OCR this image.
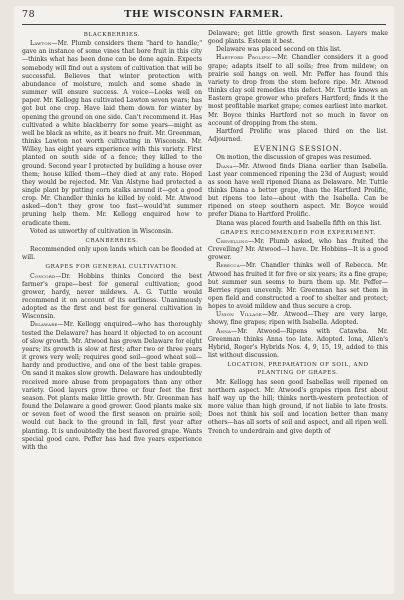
78	THE WISCONSIN FARMER.
BLACKBERRIES.

Lawton—Mr. Plumb considers them "hard to handle;" gave an instance of some vines that bore fruit in this city—thinks what has been done can be done again. Expects somebody will find out a system of cultivation that will be successful. Believes that winter protection with abundance of moisture, mulch and some shade in summer will ensure success. A voice—Looks well on paper. Mr. Kellogg has cultivated Lawton seven years; has got but one crop. Have laid them down for winter by opening the ground on one side. Can't recommend it. Has cultivated a white blackberry for some years—might as well be black as white, as it bears no fruit. Mr. Greenman, thinks Lawton not worth cultivating in Wisconsin. Mr. Willey, has eight years experience with this variety. First planted on south side of a fence; they killed to the ground. Second year I protected by building a house over them; house killed them—they died at any rate. Hoped they would be rejected. Mr. Van Alstyne had protected a single plant by putting corn stalks around it—got a good crop. Mr. Chandler thinks he killed by cold. Mr. Atwood asked—don't they grow too fast—would'nt summer pruning help them. Mr. Kellogg enquired how to eradicate them.

Voted as unworthy of cultivation in Wisconsin.

CRANBERRIES.

Recommended only upon lands which can be flooded at will.

GRAPES FOR GENERAL CULTIVATION.

Concord—Dr. Hobbins thinks Concord the best farmer's grape—best for general cultivation; good grower, hardy, never mildews. A. G. Tuttle would recommend it on account of its earliness. Unanimously adopted as the first and best for general cultivation in Wisconsin.

Delaware—Mr. Kellogg enquired—who has thoroughly tested the Delaware? has heard it objected to on account of slow growth. Mr. Atwood has grown Delaware for eight years; its growth is slow at first; after two or three years it grows very well; requires good soil—good wheat soil—hardy and productive, and one of the best table grapes. On sand it makes slow growth. Delaware has undoubtedly received more abuse from propagators than any other variety. Good layers grow three or four feet the first season. Pot plants make little growth. Mr. Greenman has found the Delaware a good grower. Good plants make six or seven feet of wood the first season on prairie soil; would cut back to the ground in fall, first year after planting. It is undoubtedly the best flavored grape. Wants special good care. Peffer has had five years experience with the

Delaware; get little growth first season. Layers make good plants. Esteem it best.

Delaware was placed second on this list.

Hartford Prolific—Mr. Chandler considers it a good grape; adapts itself to all soils; free from mildew; on prairie soil hangs on well. Mr. Peffer has found this variety to drop from the stem before ripe. Mr. Atwood thinks clay soil remedies this defect. Mr. Tuttle knows an Eastern grape grower who prefers Hartford; finds it the most profitable market grape; comes earliest into market. Mr. Boyce thinks Hartford not so much in favor on account of dropping from the stem.

Hartford Prolific was placed third on the list. Adjourned.

EVENING SESSION.

On motion, the discussion of grapes was resumed.

Diana—Mr. Atwood finds Diana earlier than Isabella. Last year commenced ripening the 23d of August; would as soon have well ripened Diana as Delaware. Mr. Tuttle thinks Diana a better grape, than the Hartford Prolific, but ripens too late—about with the Isabella. Can be ripened on steep southern aspect. Mr. Boyce would prefer Diana to Hartford Prolific.

Diana was placed fourth and Isabella fifth on this list.

GRAPES RECOMMENDED FOR EXPERIMENT.

Crevelling—Mr. Plumb asked, who has fruited the Crevelling? Mr. Atwood—I have. Dr. Hobbins—It is a good grower.

Rebecca—Mr. Chandler thinks well of Rebecca. Mr. Atwood has fruited it for five or six years; its a fine grape; but summer sun seems to burn them up. Mr. Peffer—Berries ripen unevenly. Mr. Greenman has set them in open field and constructed a roof to shelter and protect; hopes to avoid mildew and thus secure a crop.

Union Village—Mr. Atwood—They are very large, showy, fine grapes; ripen with Isabella. Adopted.

Anna—Mr. Atwood—Ripens with Catawba. Mr. Greenman thinks Anna too late. Adopted. Iona, Allen's Hybrid, Roger's Hybrids Nos. 4, 9, 15, 19, added to this list without discussion.

LOCATION, PREPARATION OF SOIL, AND PLANTING OF GRAPES.

Mr. Kellogg has seen good Isabellas well ripened on northern aspect. Mr. Atwood's grapes ripen first about half way up the hill; thinks north-western protection of more value than high ground, if not liable to late frosts. Does not think his soil and location better than many others—has all sorts of soil and aspect, and all ripen well. Trench to underdrain and give depth of
